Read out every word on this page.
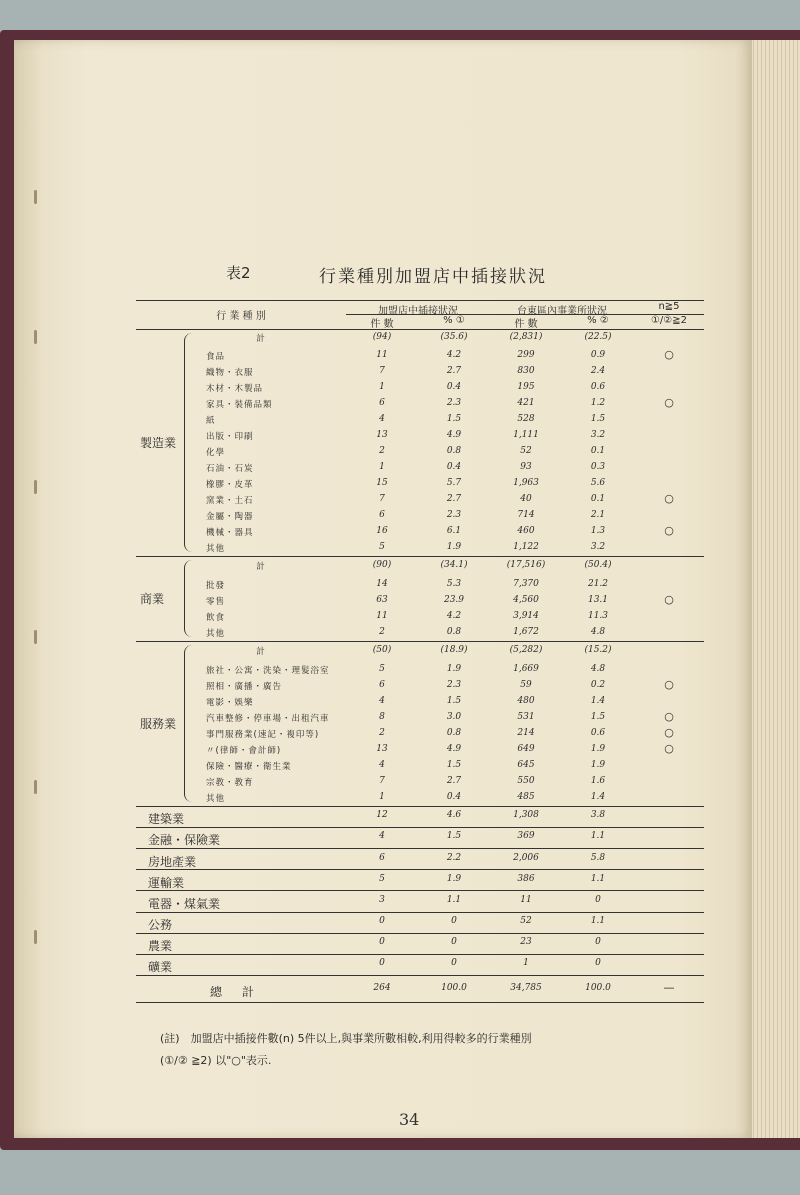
表2	行業種別加盟店中插接狀況
行 業 種 別	加盟店中插接狀況	台東區內事業所狀況
件 數	% ①	件 數	% ②
n≧5
①/②≧2
計	(94)	(35.6)	(2,831)	(22.5)
食品	11	4.2	299	0.9	○
織物・衣服	7	2.7	830	2.4
木材・木製品	1	0.4	195	0.6
家具・裝備品類	6	2.3	421	1.2	○
紙	4	1.5	528	1.5
出版・印刷	13	4.9	1,111	3.2
化學	2	0.8	52	0.1
石油・石炭	1	0.4	93	0.3
橡膠・皮革	15	5.7	1,963	5.6
窯業・土石	7	2.7	40	0.1	○
金屬・陶器	6	2.3	714	2.1
機械・器具	16	6.1	460	1.3	○
其他	5	1.9	1,122	3.2
計	(90)	(34.1)	(17,516)	(50.4)
批發	14	5.3	7,370	21.2
零售	63	23.9	4,560	13.1	○
飲食	11	4.2	3,914	11.3
其他	2	0.8	1,672	4.8
計	(50)	(18.9)	(5,282)	(15.2)
旅社・公寓・洗染・理髮浴室	5	1.9	1,669	4.8
照相・廣播・廣告	6	2.3	59	0.2	○
電影・娛樂	4	1.5	480	1.4
汽車整修・停車場・出租汽車	8	3.0	531	1.5	○
事門服務業(速記・複印等)	2	0.8	214	0.6	○
〃(律師・會計師)	13	4.9	649	1.9	○
保險・醫療・衛生業	4	1.5	645	1.9
宗教・教育	7	2.7	550	1.6
其他	1	0.4	485	1.4
建築業	12	4.6	1,308	3.8
金融・保險業	4	1.5	369	1.1
房地產業	6	2.2	2,006	5.8
運輸業	5	1.9	386	1.1
電器・煤氣業	3	1.1	11	0
公務	0	0	52	1.1
農業	0	0	23	0
礦業	0	0	1	0
總計	264	100.0	34,785	100.0	—
製造業
商業
服務業
(註)　加盟店中插接件數(n) 5件以上,與事業所數相較,利用得較多的行業種別
(①/② ≧2) 以"○"表示.
34
